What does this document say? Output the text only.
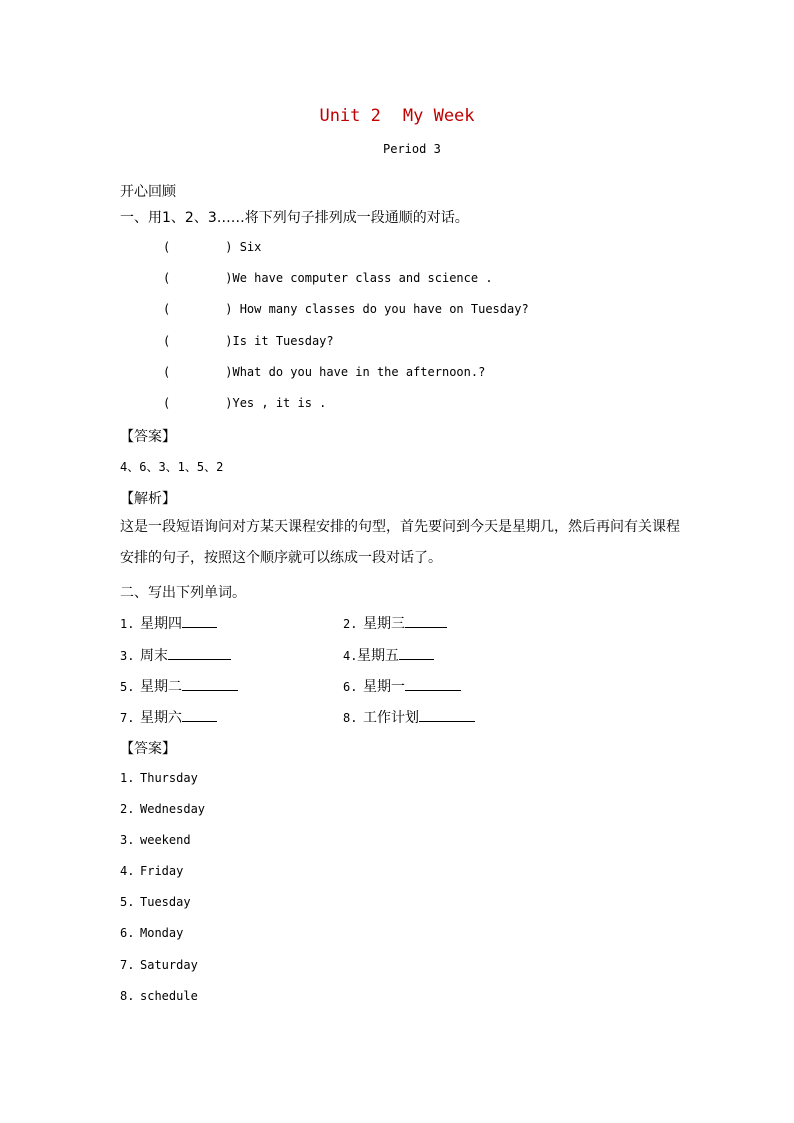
Unit 2 My Week
Period 3
开心回顾
一、用1、2、3……将下列句子排列成一段通顺的对话。
(	) Six
(	)We have computer class and science .
(	) How many classes do you have on Tuesday?
(	)Is it Tuesday?
(	)What do you have in the afternoon.?
(	)Yes , it is .
【答案】
4、6、3、1、5、2
【解析】
这是一段短语询问对方某天课程安排的句型，首先要问到今天是星期几，然后再问有关课程安排的句子，按照这个顺序就可以练成一段对话了。
二、写出下列单词。
1. 星期四	2. 星期三
3. 周末	4.星期五
5. 星期二	6. 星期一
7. 星期六	8. 工作计划
【答案】
1. Thursday
2. Wednesday
3. weekend
4. Friday
5. Tuesday
6. Monday
7. Saturday
8. schedule
